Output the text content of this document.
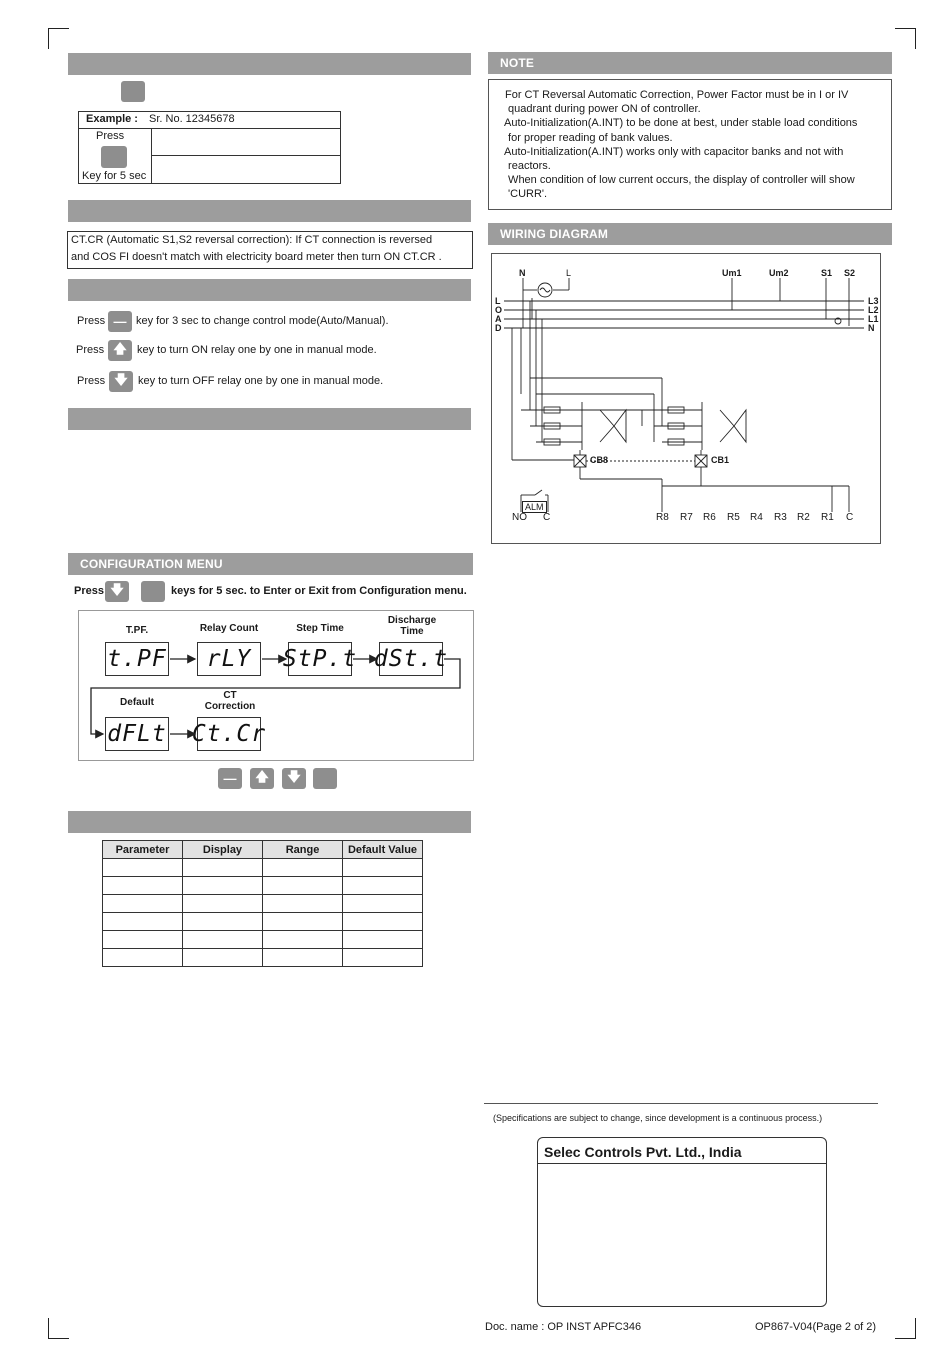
Example : Sr. No. 12345678
Press
Key for 5 sec
CT.CR (Automatic S1,S2 reversal correction): If CT connection is reversed
and COS FI doesn't match with electricity board meter then turn ON CT.CR .
Press — key for 3 sec to change control mode(Auto/Manual).
Press 🡅 key to turn ON relay one by one in manual mode.
Press 🡇 key to turn OFF relay one by one in manual mode.
CONFIGURATION MENU
Press 🡇	keys for 5 sec. to Enter or Exit from Configuration menu.
T.PF.	Relay Count	Step Time
Discharge Time
Default
CT Correction
t.PF	rLY	StP.t dSt.t
dFLt Ct.Cr
—	🡅	🡇
Parameter	Display	Range	Default Value

NOTE
For CT Reversal Automatic Correction, Power Factor must be in I or IV
quadrant during power ON of controller.
Auto-Initialization(A.INT) to be done at best, under stable load conditions
for proper reading of bank values.
Auto-Initialization(A.INT) works only with capacitor banks and not with
reactors.
When condition of low current occurs, the display of controller will show
'CURR'.
WIRING DIAGRAM
N	L	Um1	Um2	S1 S2
L
O
A
D
L3
L2
L1
N
CB8	CB1
ALM
NO C	R8 R7 R6 R5 R4 R3 R2 R1 C
(Specifications are subject to change, since development is a continuous process.)
Selec Controls Pvt. Ltd., India
Doc. name : OP INST APFC346	OP867-V04(Page 2 of 2)
